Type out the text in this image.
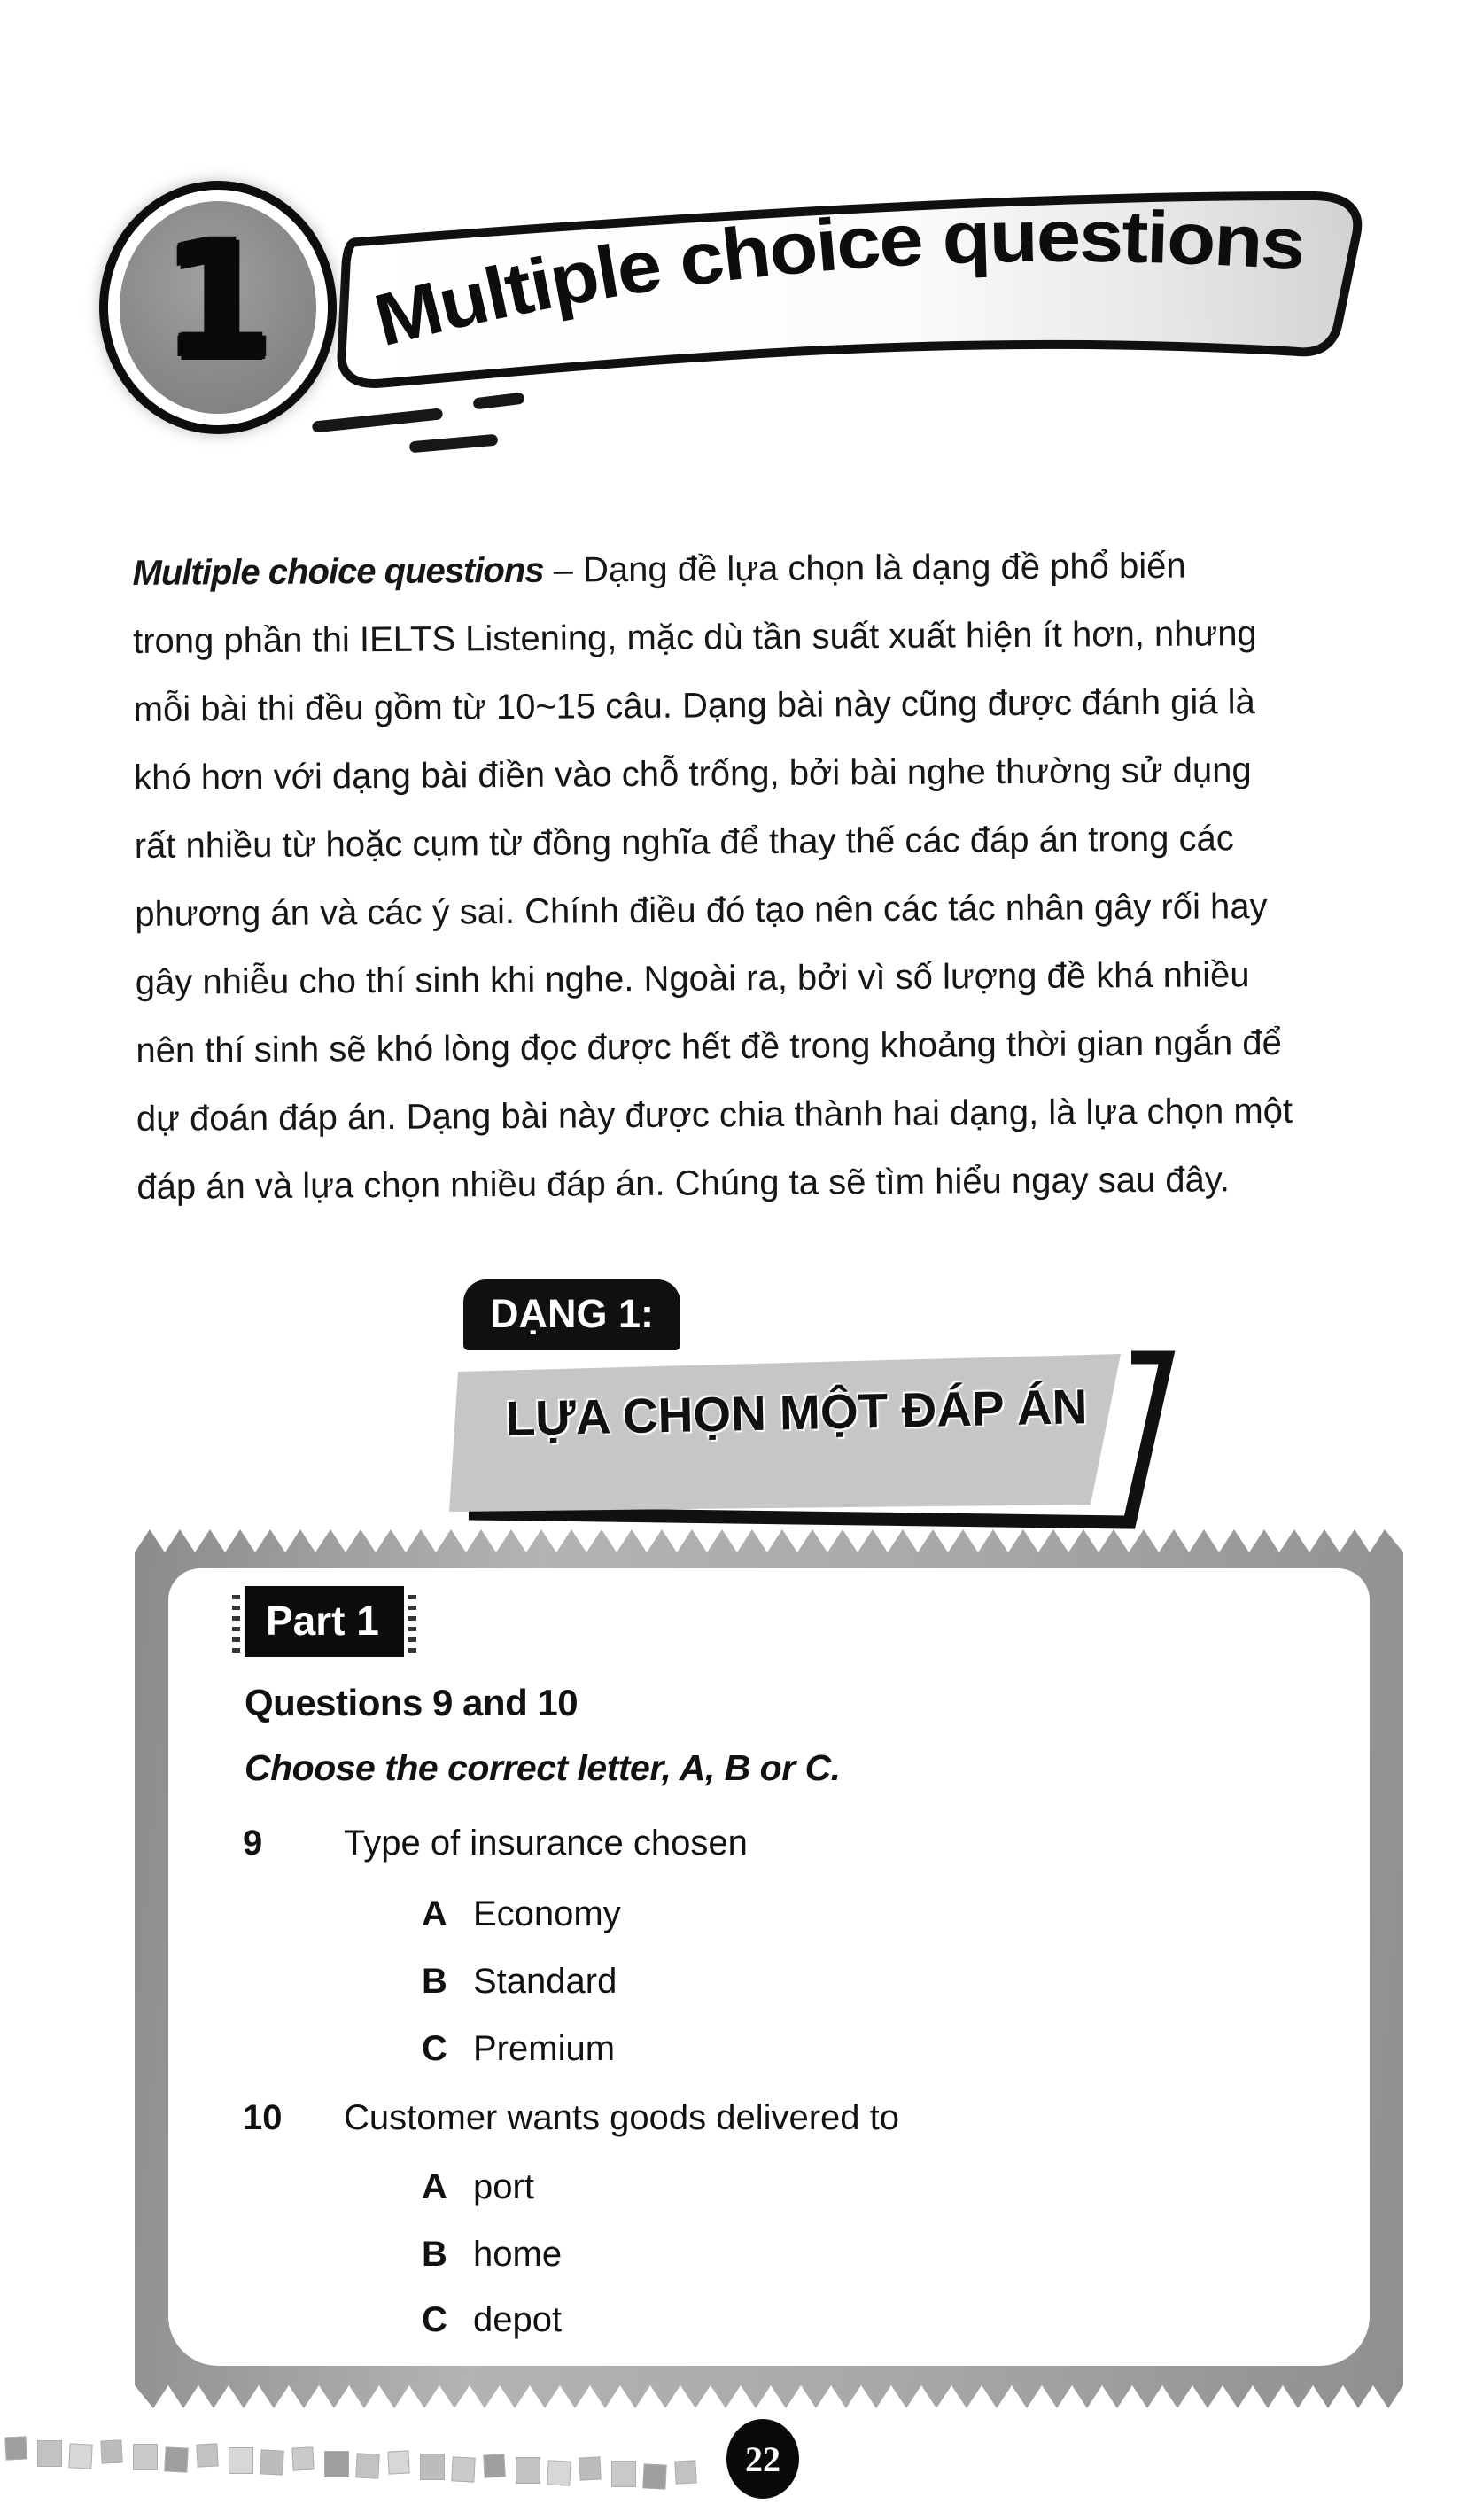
1 Multiple choice questions

Multiple choice questions – Dạng đề lựa chọn là dạng đề phổ biến

trong phần thi IELTS Listening, mặc dù tần suất xuất hiện ít hơn, nhưng

mỗi bài thi đều gồm từ 10~15 câu. Dạng bài này cũng được đánh giá là

khó hơn với dạng bài điền vào chỗ trống, bởi bài nghe thường sử dụng

rất nhiều từ hoặc cụm từ đồng nghĩa để thay thế các đáp án trong các

phương án và các ý sai. Chính điều đó tạo nên các tác nhân gây rối hay

gây nhiễu cho thí sinh khi nghe. Ngoài ra, bởi vì số lượng đề khá nhiều

nên thí sinh sẽ khó lòng đọc được hết đề trong khoảng thời gian ngắn để

dự đoán đáp án. Dạng bài này được chia thành hai dạng, là lựa chọn một

đáp án và lựa chọn nhiều đáp án. Chúng ta sẽ tìm hiểu ngay sau đây.

DẠNG 1:
LỰA CHỌN MỘT ĐÁP ÁN
Part 1
Questions 9 and 10

Choose the correct letter, A, B or C.

9	Type of insurance chosen
A Economy
B Standard
C Premium
10	Customer wants goods delivered to
A port
B home
C depot
22
